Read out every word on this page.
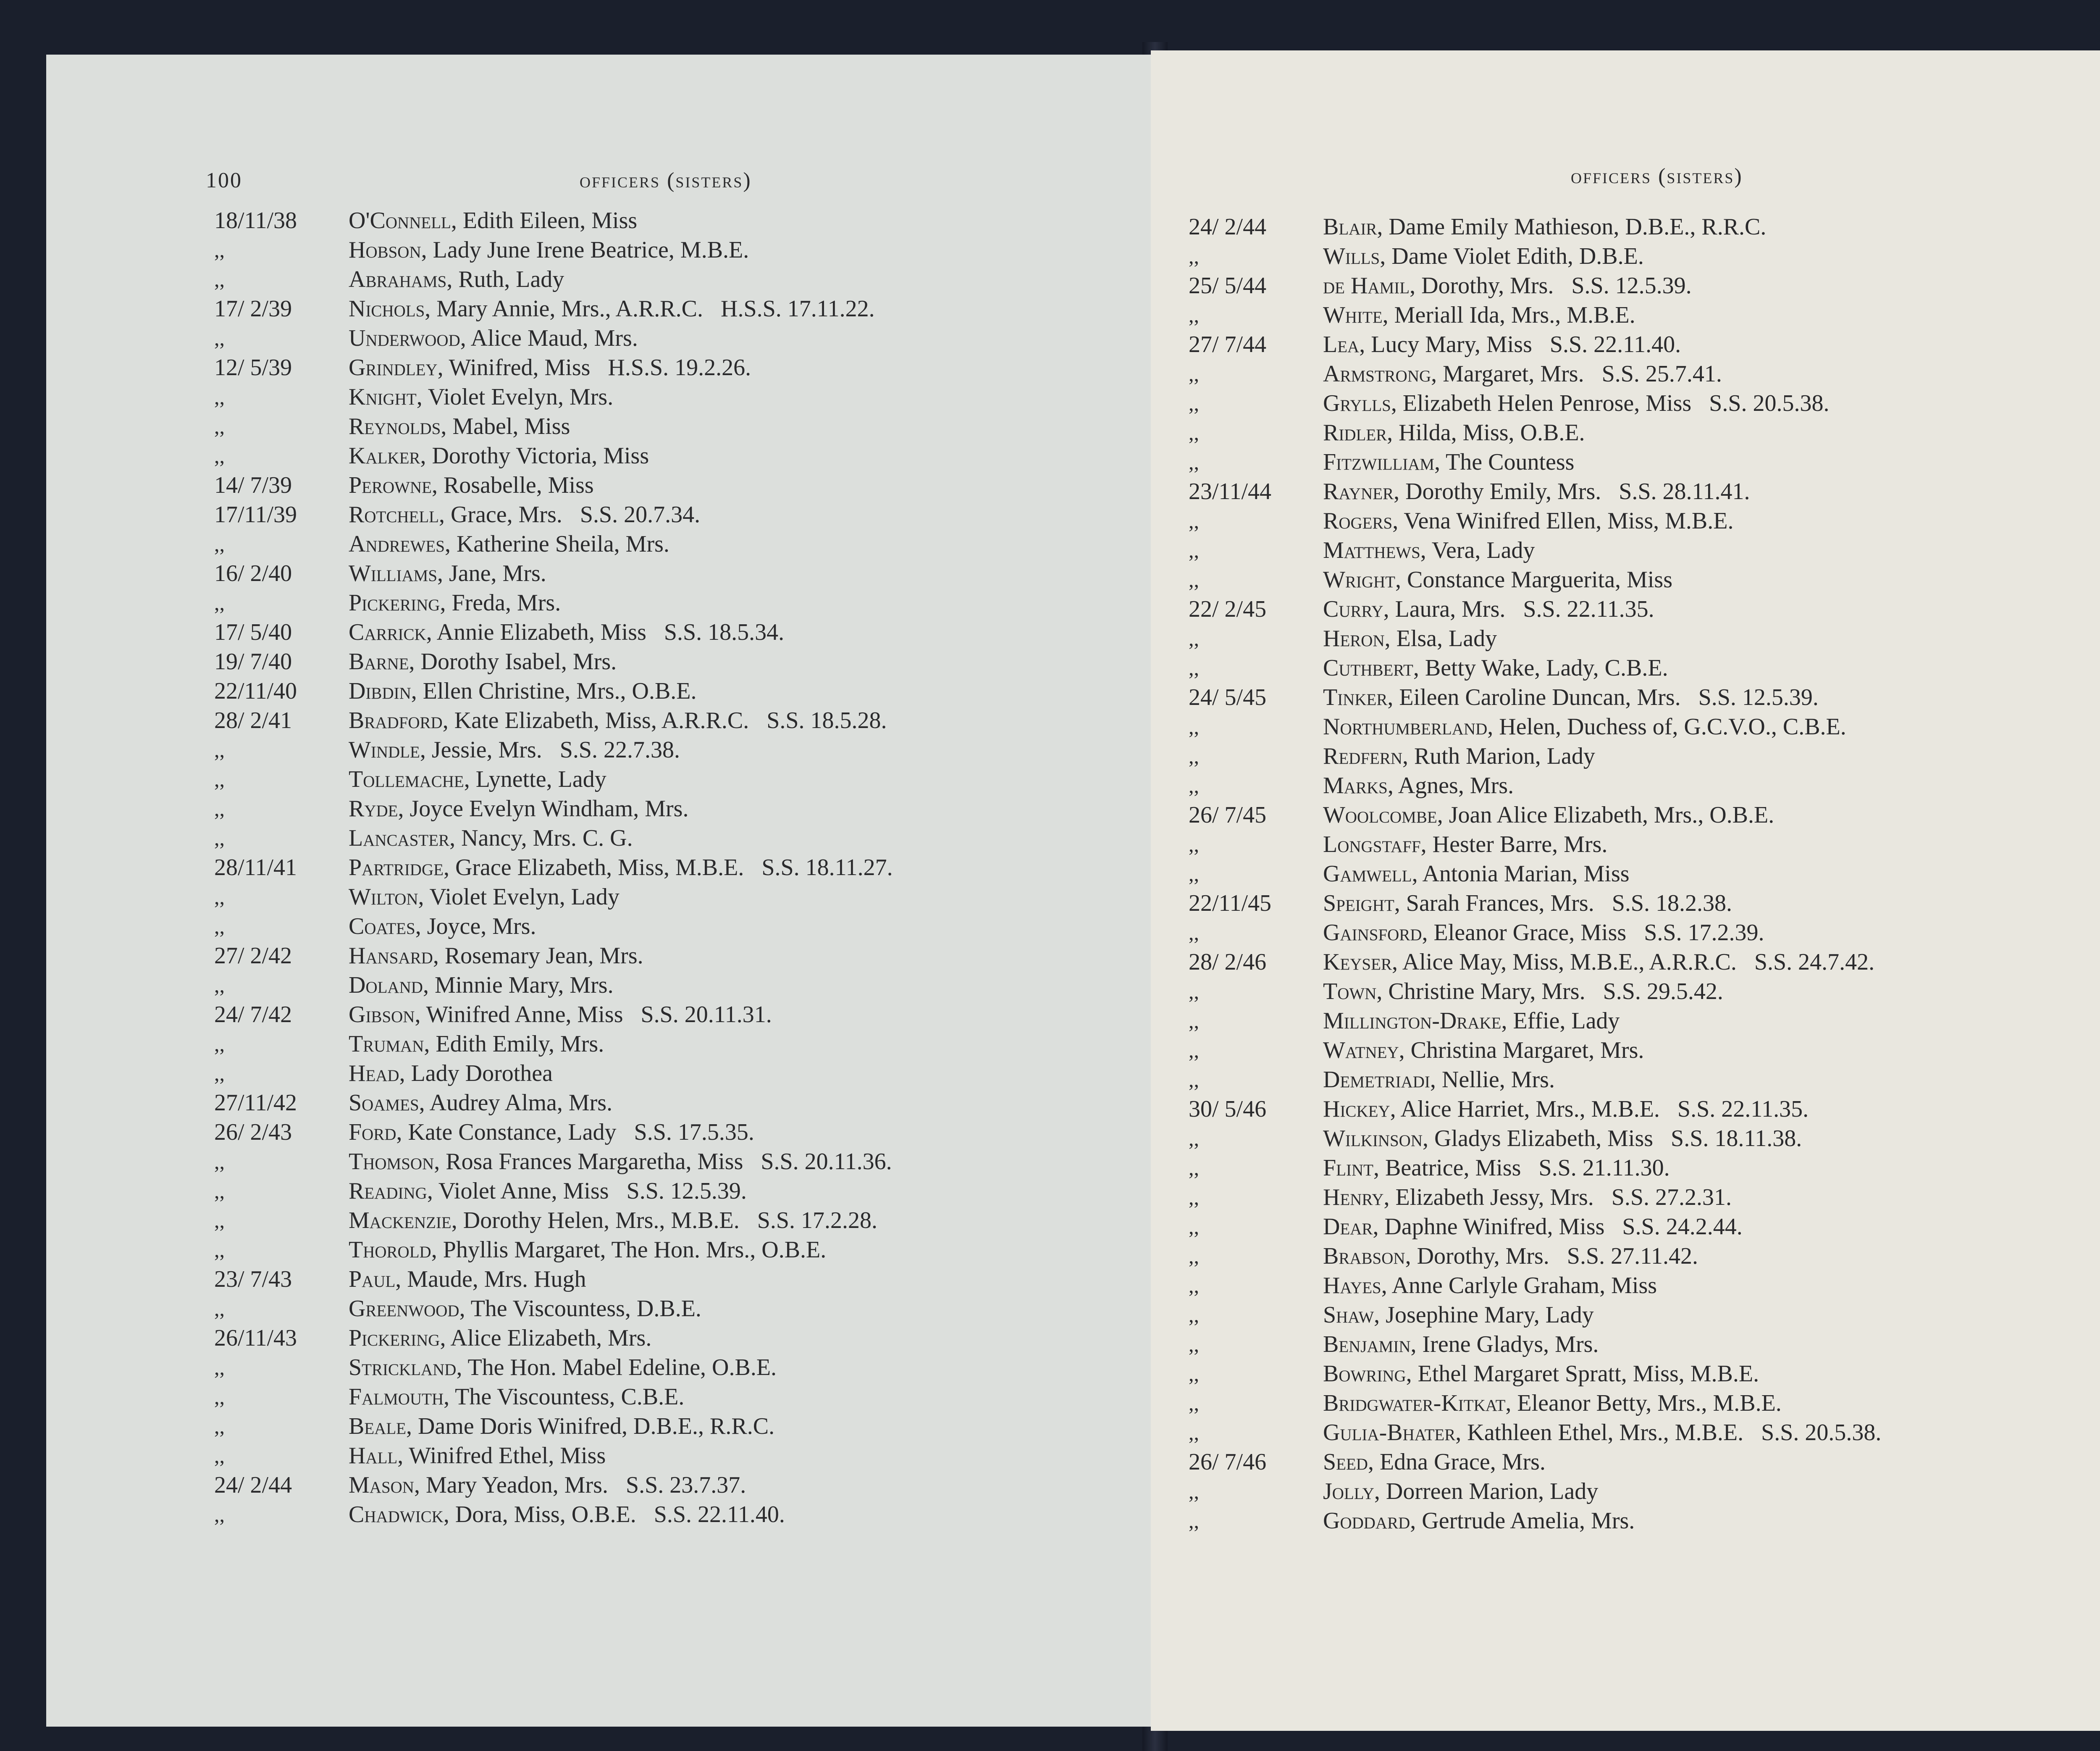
100	officers (sisters)
18/11/38 O'Connell, Edith Eileen, Miss
,,	Hobson, Lady June Irene Beatrice, M.B.E.
,,	Abrahams, Ruth, Lady
17/ 2/39 Nichols, Mary Annie, Mrs., A.R.R.C.   H.S.S. 17.11.22.
,,	Underwood, Alice Maud, Mrs.
12/ 5/39 Grindley, Winifred, Miss   H.S.S. 19.2.26.
,,	Knight, Violet Evelyn, Mrs.
,,	Reynolds, Mabel, Miss
,,	Kalker, Dorothy Victoria, Miss
14/ 7/39 Perowne, Rosabelle, Miss
17/11/39 Rotchell, Grace, Mrs.   S.S. 20.7.34.
,,	Andrewes, Katherine Sheila, Mrs.
16/ 2/40 Williams, Jane, Mrs.
,,	Pickering, Freda, Mrs.
17/ 5/40 Carrick, Annie Elizabeth, Miss   S.S. 18.5.34.
19/ 7/40 Barne, Dorothy Isabel, Mrs.
22/11/40 Dibdin, Ellen Christine, Mrs., O.B.E.
28/ 2/41 Bradford, Kate Elizabeth, Miss, A.R.R.C.   S.S. 18.5.28.
,,	Windle, Jessie, Mrs.   S.S. 22.7.38.
,,	Tollemache, Lynette, Lady
,,	Ryde, Joyce Evelyn Windham, Mrs.
,,	Lancaster, Nancy, Mrs. C. G.
28/11/41 Partridge, Grace Elizabeth, Miss, M.B.E.   S.S. 18.11.27.
,,	Wilton, Violet Evelyn, Lady
,,	Coates, Joyce, Mrs.
27/ 2/42 Hansard, Rosemary Jean, Mrs.
,,	Doland, Minnie Mary, Mrs.
24/ 7/42 Gibson, Winifred Anne, Miss   S.S. 20.11.31.
,,	Truman, Edith Emily, Mrs.
,,	Head, Lady Dorothea
27/11/42 Soames, Audrey Alma, Mrs.
26/ 2/43 Ford, Kate Constance, Lady   S.S. 17.5.35.
,,	Thomson, Rosa Frances Margaretha, Miss   S.S. 20.11.36.
,,	Reading, Violet Anne, Miss   S.S. 12.5.39.
,,	Mackenzie, Dorothy Helen, Mrs., M.B.E.   S.S. 17.2.28.
,,	Thorold, Phyllis Margaret, The Hon. Mrs., O.B.E.
23/ 7/43 Paul, Maude, Mrs. Hugh
,,	Greenwood, The Viscountess, D.B.E.
26/11/43 Pickering, Alice Elizabeth, Mrs.
,,	Strickland, The Hon. Mabel Edeline, O.B.E.
,,	Falmouth, The Viscountess, C.B.E.
,,	Beale, Dame Doris Winifred, D.B.E., R.R.C.
,,	Hall, Winifred Ethel, Miss
24/ 2/44 Mason, Mary Yeadon, Mrs.   S.S. 23.7.37.
,,	Chadwick, Dora, Miss, O.B.E.   S.S. 22.11.40.
officers (sisters)
24/ 2/44 Blair, Dame Emily Mathieson, D.B.E., R.R.C.
,,	Wills, Dame Violet Edith, D.B.E.
25/ 5/44 de Hamil, Dorothy, Mrs.   S.S. 12.5.39.
,,	White, Meriall Ida, Mrs., M.B.E.
27/ 7/44 Lea, Lucy Mary, Miss   S.S. 22.11.40.
,,	Armstrong, Margaret, Mrs.   S.S. 25.7.41.
,,	Grylls, Elizabeth Helen Penrose, Miss   S.S. 20.5.38.
,,	Ridler, Hilda, Miss, O.B.E.
,,	Fitzwilliam, The Countess
23/11/44 Rayner, Dorothy Emily, Mrs.   S.S. 28.11.41.
,,	Rogers, Vena Winifred Ellen, Miss, M.B.E.
,,	Matthews, Vera, Lady
,,	Wright, Constance Marguerita, Miss
22/ 2/45 Curry, Laura, Mrs.   S.S. 22.11.35.
,,	Heron, Elsa, Lady
,,	Cuthbert, Betty Wake, Lady, C.B.E.
24/ 5/45 Tinker, Eileen Caroline Duncan, Mrs.   S.S. 12.5.39.
,,	Northumberland, Helen, Duchess of, G.C.V.O., C.B.E.
,,	Redfern, Ruth Marion, Lady
,,	Marks, Agnes, Mrs.
26/ 7/45 Woolcombe, Joan Alice Elizabeth, Mrs., O.B.E.
,,	Longstaff, Hester Barre, Mrs.
,,	Gamwell, Antonia Marian, Miss
22/11/45 Speight, Sarah Frances, Mrs.   S.S. 18.2.38.
,,	Gainsford, Eleanor Grace, Miss   S.S. 17.2.39.
28/ 2/46 Keyser, Alice May, Miss, M.B.E., A.R.R.C.   S.S. 24.7.42.
,,	Town, Christine Mary, Mrs.   S.S. 29.5.42.
,,	Millington-Drake, Effie, Lady
,,	Watney, Christina Margaret, Mrs.
,,	Demetriadi, Nellie, Mrs.
30/ 5/46 Hickey, Alice Harriet, Mrs., M.B.E.   S.S. 22.11.35.
,,	Wilkinson, Gladys Elizabeth, Miss   S.S. 18.11.38.
,,	Flint, Beatrice, Miss   S.S. 21.11.30.
,,	Henry, Elizabeth Jessy, Mrs.   S.S. 27.2.31.
,,	Dear, Daphne Winifred, Miss   S.S. 24.2.44.
,,	Brabson, Dorothy, Mrs.   S.S. 27.11.42.
,,	Hayes, Anne Carlyle Graham, Miss
,,	Shaw, Josephine Mary, Lady
,,	Benjamin, Irene Gladys, Mrs.
,,	Bowring, Ethel Margaret Spratt, Miss, M.B.E.
,,	Bridgwater-Kitkat, Eleanor Betty, Mrs., M.B.E.
,,	Gulia-Bhater, Kathleen Ethel, Mrs., M.B.E.   S.S. 20.5.38.
26/ 7/46 Seed, Edna Grace, Mrs.
,,	Jolly, Dorreen Marion, Lady
,,	Goddard, Gertrude Amelia, Mrs.
